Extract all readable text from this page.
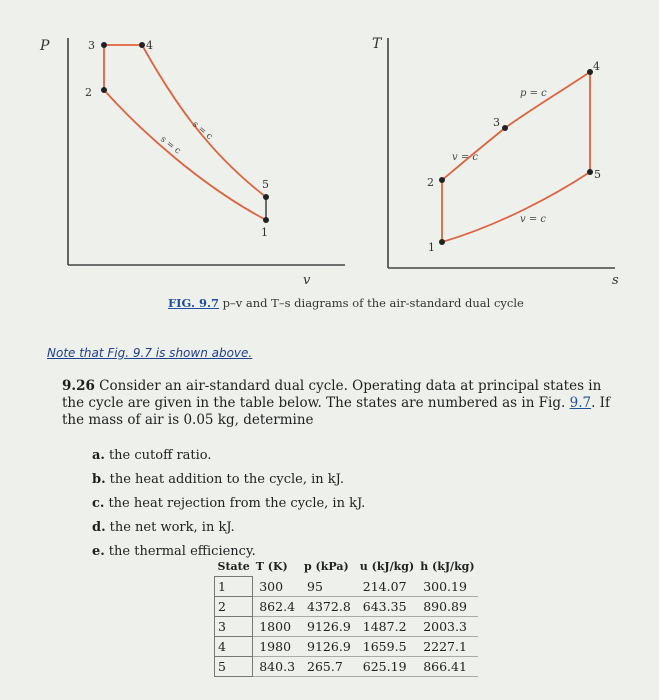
P
v
1
2
3	4
5
s = c
s = c
T
s
1
2
3
4
5
p = c
v = c
v = c
FIG. 9.7 p–v and T–s diagrams of the air-standard dual cycle
Note that Fig. 9.7 is shown above.
9.26 Consider an air-standard dual cycle. Operating data at principal states in the cycle are given in the table below. The states are numbered as in Fig. 9.7. If the mass of air is 0.05 kg, determine
a. the cutoff ratio.
b. the heat addition to the cycle, in kJ.
c. the heat rejection from the cycle, in kJ.
d. the net work, in kJ.
e. the thermal efficiency.
State	T (K)	p (kPa)	u (kJ/kg)	h (kJ/kg)
1	300	95	214.07	300.19
2	862.4	4372.8	643.35	890.89
3	1800	9126.9	1487.2	2003.3
4	1980	9126.9	1659.5	2227.1
5	840.3	265.7	625.19	866.41
